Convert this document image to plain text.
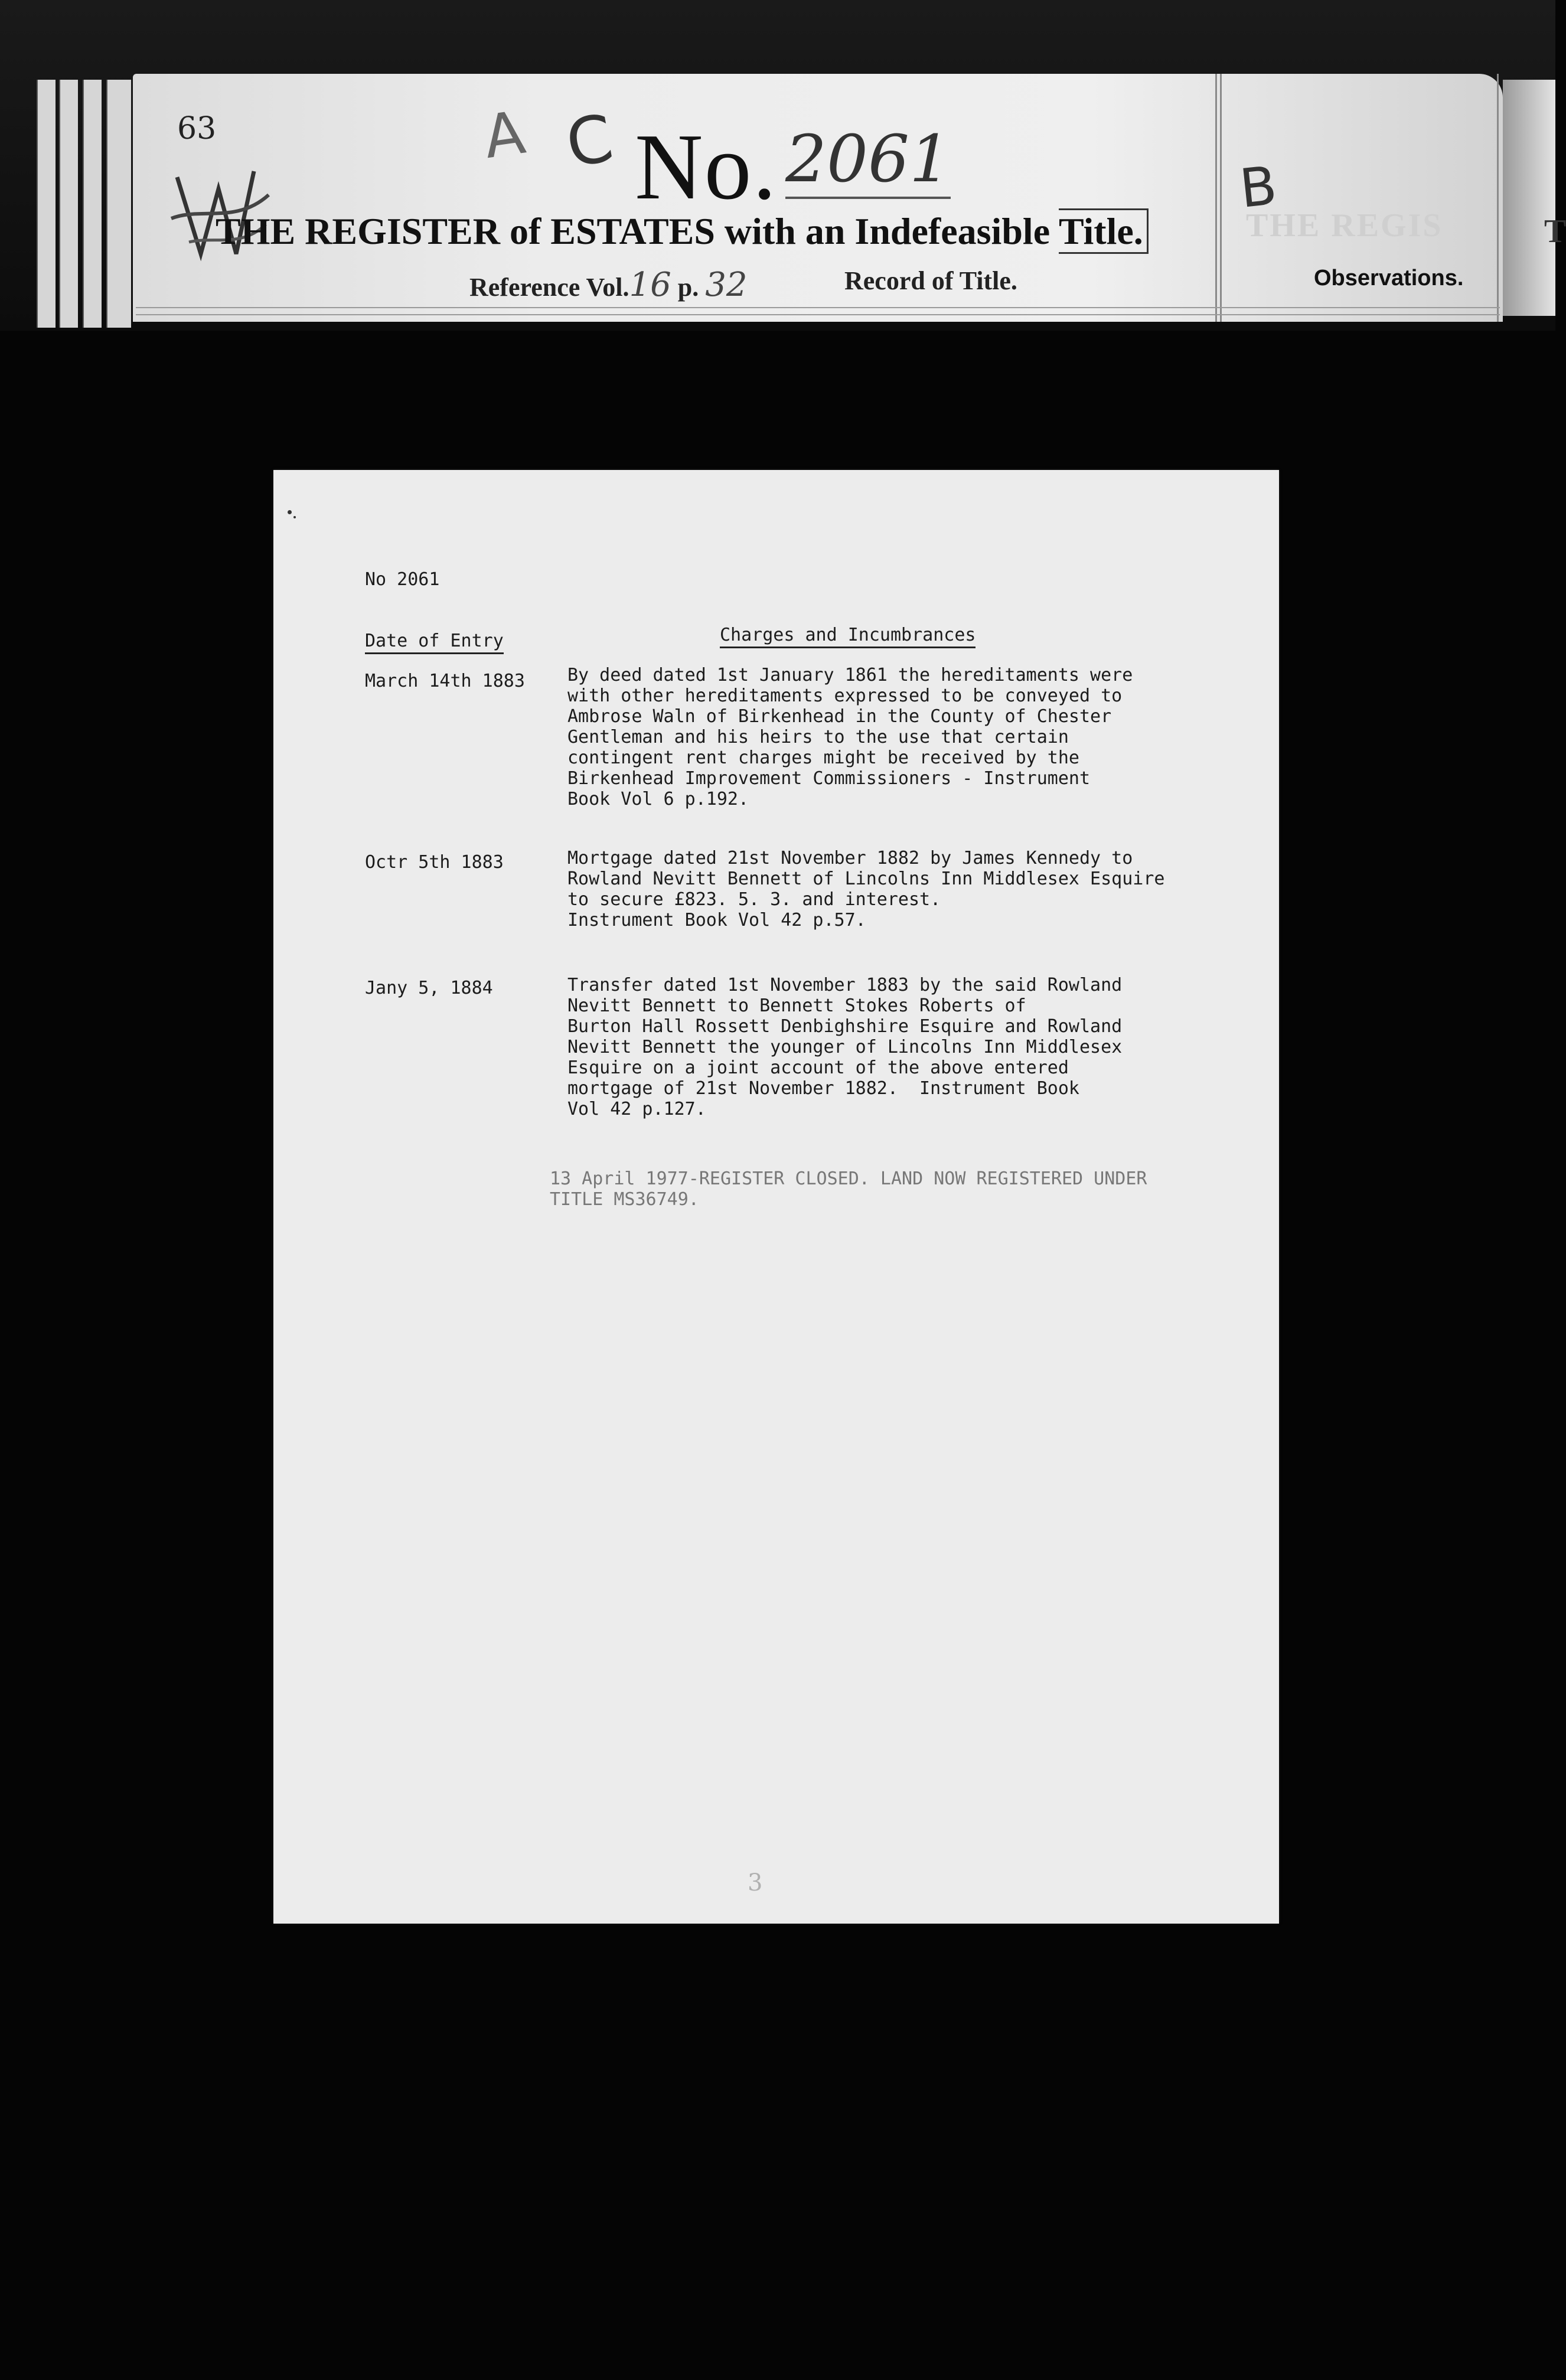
63	A C No. 2061	B
THE REGISTER of ESTATES with an Indefeasible Title.
Reference Vol.16 p. 32	Record of Title.	Observations.
THE REGIS	T
No 2061
Date of Entry	Charges and Incumbrances
March 14th 1883 By deed dated 1st January 1861 the hereditaments were
with other hereditaments expressed to be conveyed to
Ambrose Waln of Birkenhead in the County of Chester
Gentleman and his heirs to the use that certain
contingent rent charges might be received by the
Birkenhead Improvement Commissioners - Instrument
Book Vol 6 p.192.
Octr 5th 1883	Mortgage dated 21st November 1882 by James Kennedy to
Rowland Nevitt Bennett of Lincolns Inn Middlesex Esquire
to secure £823. 5. 3. and interest.
Instrument Book Vol 42 p.57.
Jany 5, 1884	Transfer dated 1st November 1883 by the said Rowland
Nevitt Bennett to Bennett Stokes Roberts of
Burton Hall Rossett Denbighshire Esquire and Rowland
Nevitt Bennett the younger of Lincolns Inn Middlesex
Esquire on a joint account of the above entered
mortgage of 21st November 1882.  Instrument Book
Vol 42 p.127.
13 April 1977-REGISTER CLOSED. LAND NOW REGISTERED UNDER
TITLE MS36749.
3
